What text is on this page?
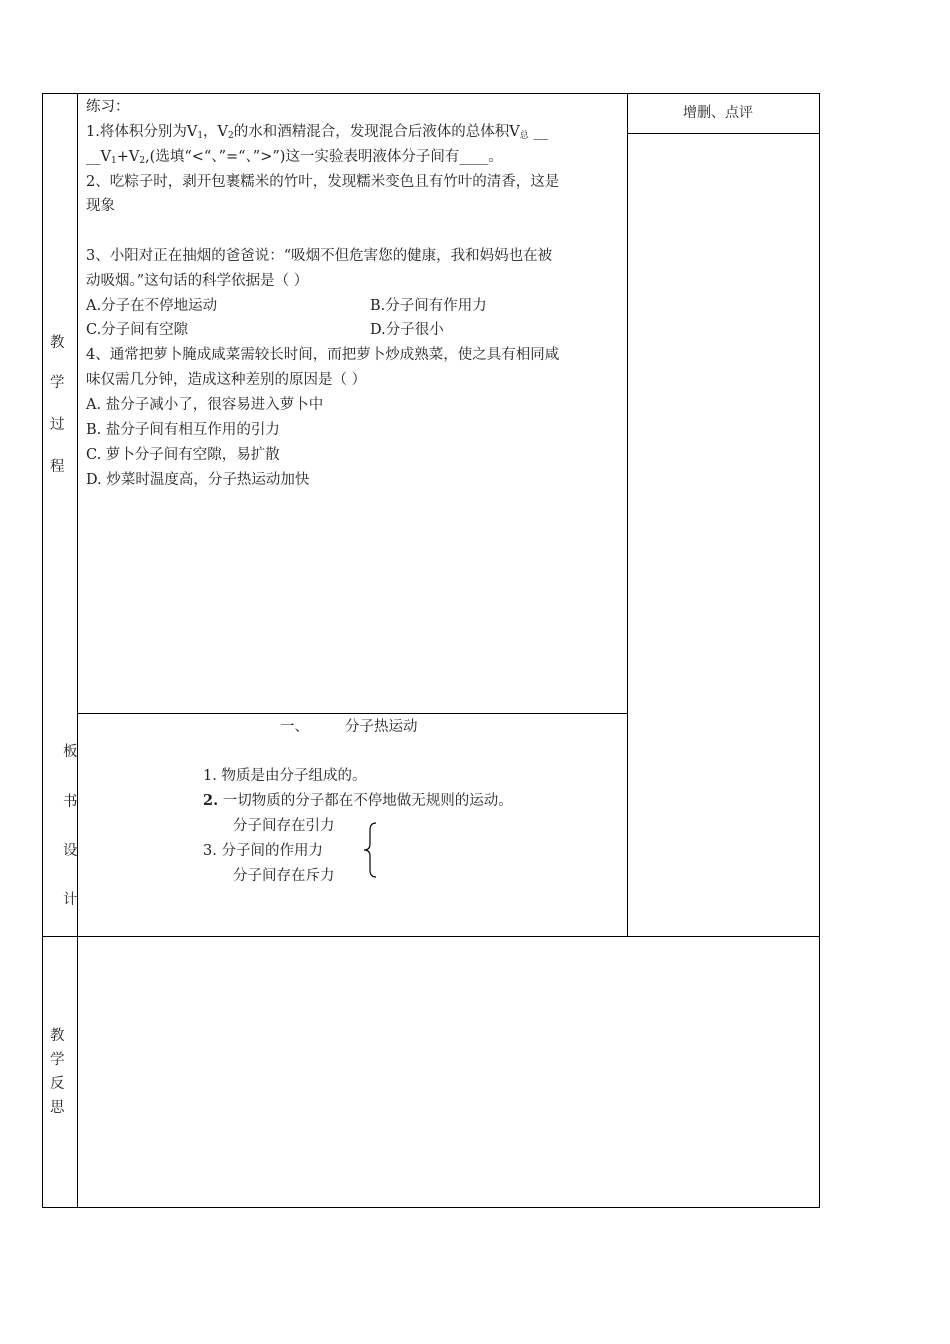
教
学
过
程
板
书
设
计
教
学
反
思
增删、点评
练习：
1.将体积分别为$V_1$，$V_2$的水和酒精混合，发现混合后液体的总体积$V_总$ __
$\_\_V_1+V_2$,(选填“<“、”=“、”>”)这一实验表明液体分子间有____。
2、吃粽子时，剥开包裹糯米的竹叶，发现糯米变色且有竹叶的清香，这是
现象
3、小阳对正在抽烟的爸爸说：“吸烟不但危害您的健康，我和妈妈也在被
动吸烟。”这句话的科学依据是（ ）
A.分子在不停地运动	B.分子间有作用力
C.分子间有空隙	D.分子很小
4、通常把萝卜腌成咸菜需较长时间，而把萝卜炒成熟菜，使之具有相同咸
味仅需几分钟，造成这种差别的原因是（ ）
A. 盐分子减小了，很容易进入萝卜中
B. 盐分子间有相互作用的引力
C. 萝卜分子间有空隙，易扩散
D. 炒菜时温度高，分子热运动加快
一、 分子热运动
1. 物质是由分子组成的。
2. 一切物质的分子都在不停地做无规则的运动。
分子间存在引力
3. 分子间的作用力
分子间存在斥力
